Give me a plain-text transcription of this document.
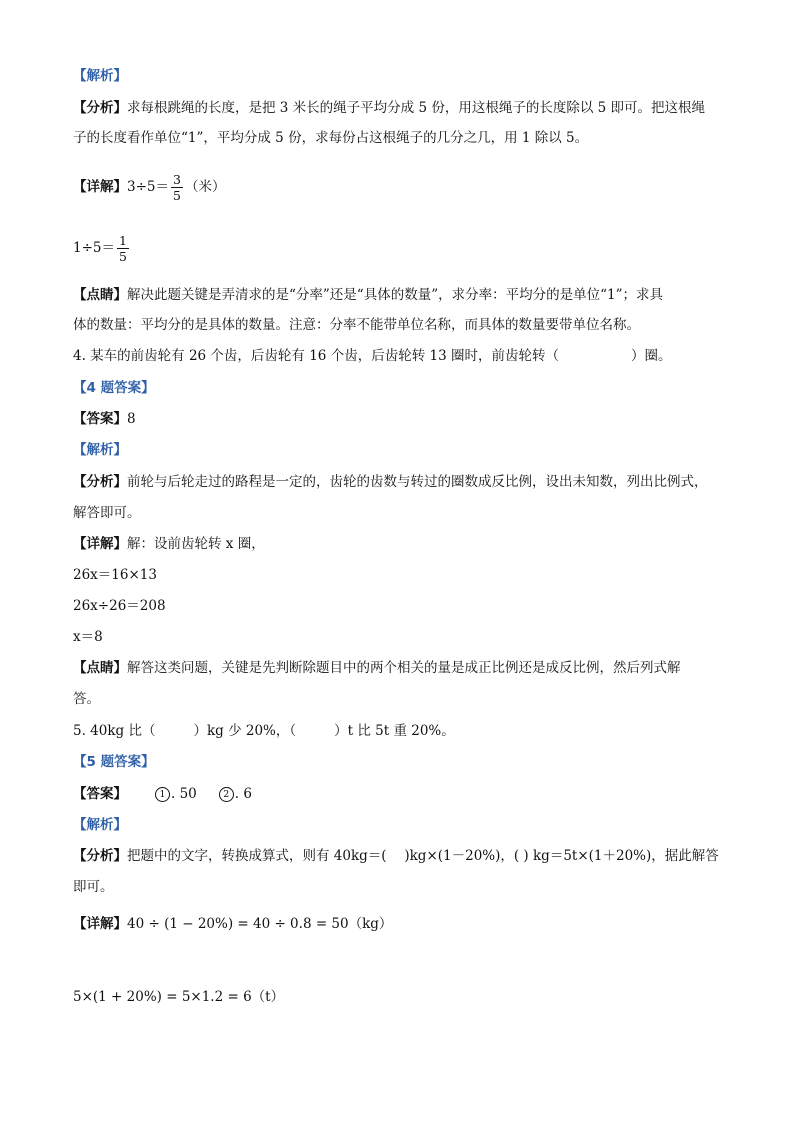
【解析】
【分析】求每根跳绳的长度，是把 3 米长的绳子平均分成 5 份，用这根绳子的长度除以 5 即可。把这根绳
子的长度看作单位“1”，平均分成 5 份，求每份占这根绳子的几分之几，用 1 除以 5。
【详解】$3\div 5= \frac{3}{5}$ （米）
$1\div 5= \frac{1}{5}$
【点睛】解决此题关键是弄清求的是“分率”还是“具体的数量”，求分率：平均分的是单位“1”；求具
体的数量：平均分的是具体的数量。注意：分率不能带单位名称，而具体的数量要带单位名称。
4. 某车的前齿轮有 26 个齿，后齿轮有 16 个齿，后齿轮转 13 圈时，前齿轮转（	）圈。
【4 题答案】
【答案】8
【解析】
【分析】前轮与后轮走过的路程是一定的，齿轮的齿数与转过的圈数成反比例，设出未知数，列出比例式，
解答即可。
【详解】解：设前齿轮转 x 圈，
26x＝16×13
26x÷26＝208
x＝8
【点睛】解答这类问题，关键是先判断除题目中的两个相关的量是成正比例还是成反比例，然后列式解
答。
5. 40kg 比（	）kg 少 20%，（	）t 比 5t 重 20%。
【5 题答案】
【答案】	1 . 50	2 . 6
【解析】
【分析】把题中的文字，转换成算式，则有 40kg＝(　 )kg×(1－20%)，( ) kg＝5t×(1＋20%)，据此解答
即可。
【详解】40 ÷ (1 − 20%) = 40 ÷ 0.8 = 50（kg）
5×(1 + 20%) = 5×1.2 = 6（t）
